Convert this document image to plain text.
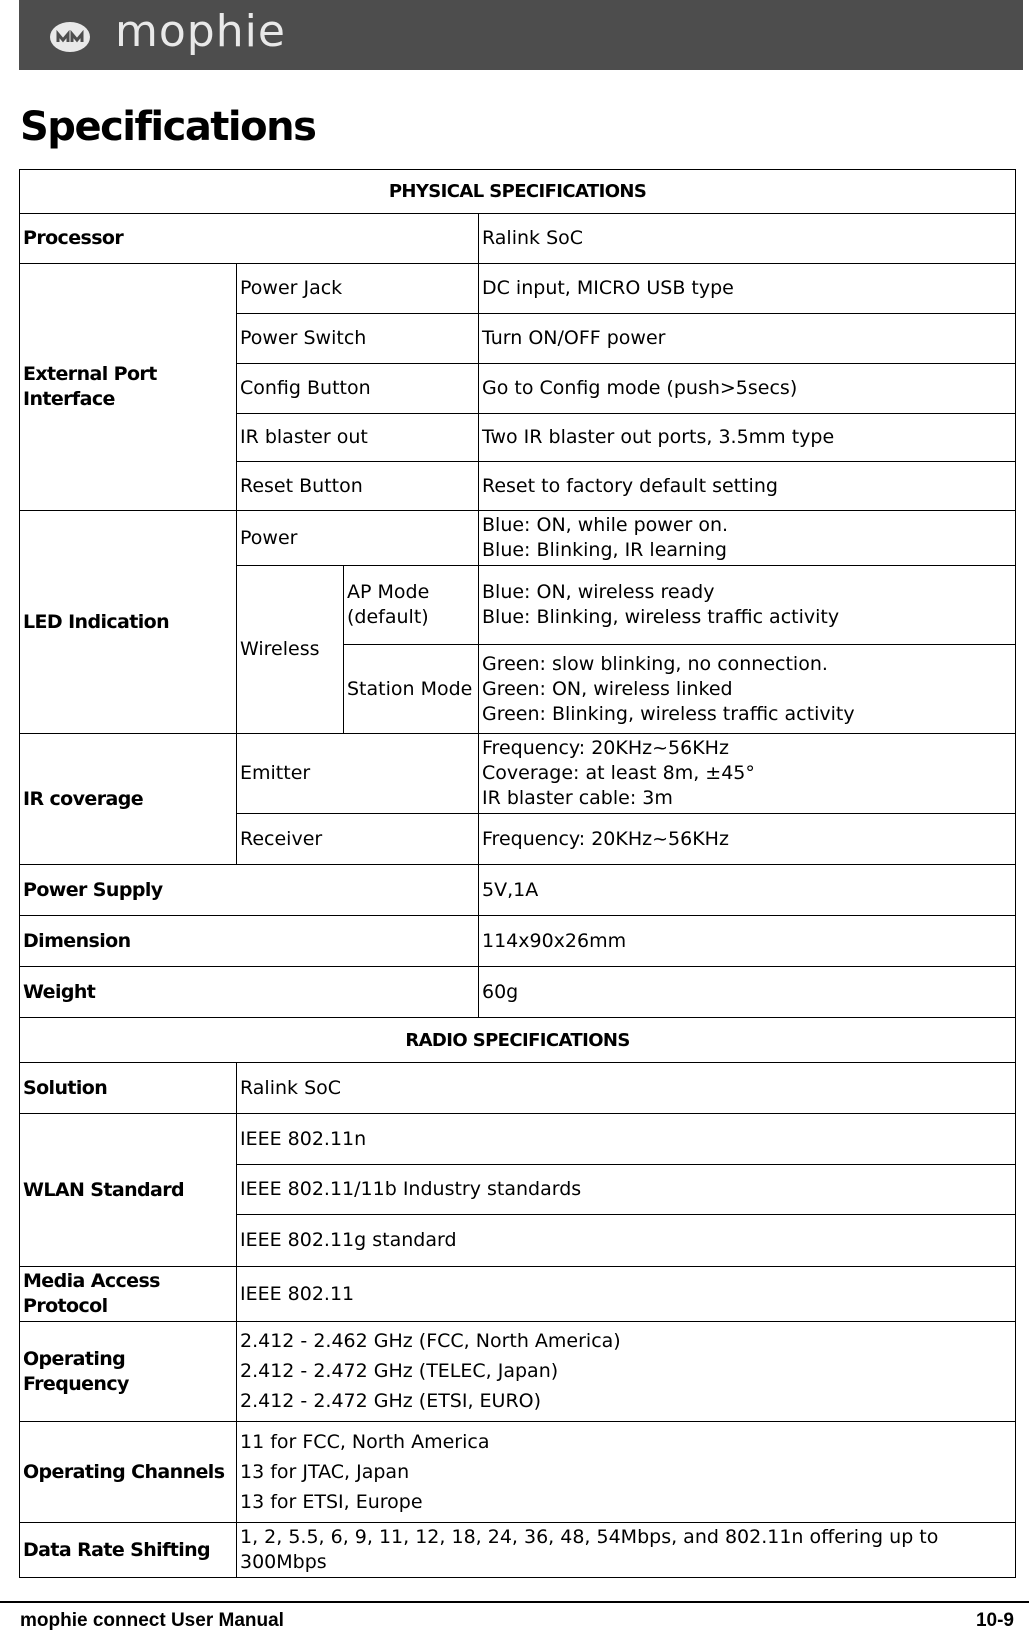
mophie
Specifications
PHYSICAL SPECIFICATIONS			
Processor			Ralink SoC
External Port Interface	Power Jack		DC input, MICRO USB type
	Power Switch		Turn ON/OFF power
	Config Button		Go to Config mode (push>5secs)
	IR blaster out		Two IR blaster out ports, 3.5mm type
	Reset Button		Reset to factory default setting
LED Indication	Power		Blue: ON, while power on.
Blue: Blinking, IR learning

	Wireless	AP Mode (default)	Blue: ON, wireless ready
Blue: Blinking, wireless traffic activity

		Station Mode	Green: slow blinking, no connection.
Green: ON, wireless linked
Green: Blinking, wireless traffic activity

IR coverage	Emitter		Frequency: 20KHz~56KHz
Coverage: at least 8m, ±45°
IR blaster cable: 3m

	Receiver		Frequency: 20KHz~56KHz
Power Supply			5V,1A
Dimension			114x90x26mm
Weight			60g
RADIO SPECIFICATIONS			
Solution	Ralink SoC		
WLAN Standard	IEEE 802.11n		
	IEEE 802.11/11b Industry standards		
	IEEE 802.11g standard		
Media Access Protocol	IEEE 802.11		
Operating Frequency	2.412 - 2.462 GHz (FCC, North America)
2.412 - 2.472 GHz (TELEC, Japan)
2.412 - 2.472 GHz (ETSI, EURO)		

Operating Channels	11 for FCC, North America
13 for JTAC, Japan
13 for ETSI, Europe		

Data Rate Shifting	1, 2, 5.5, 6, 9, 11, 12, 18, 24, 36, 48, 54Mbps, and 802.11n offering up to 300Mbps		
mophie connect User Manual	10-9
